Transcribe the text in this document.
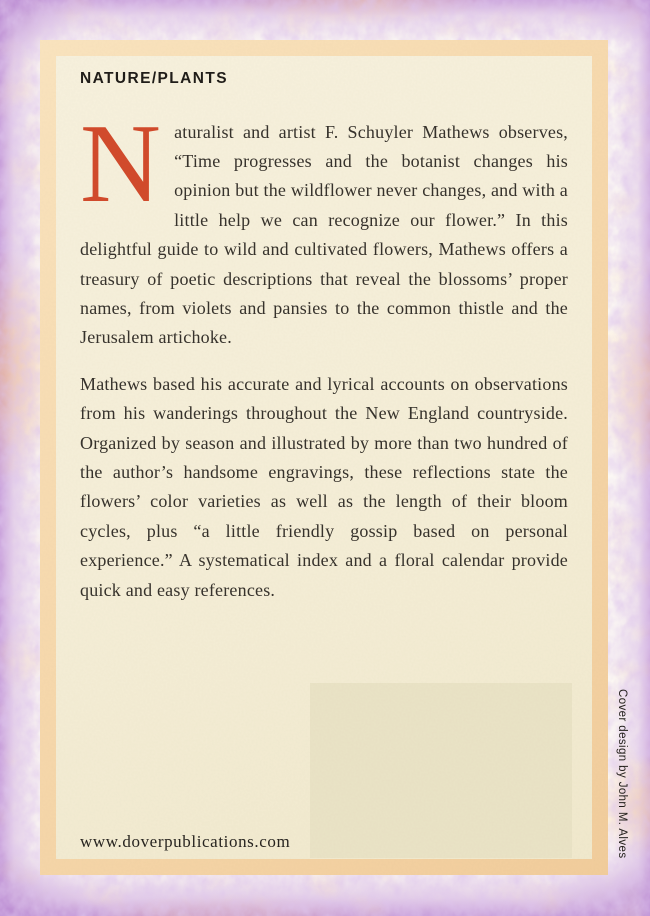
NATURE/PLANTS

Naturalist and artist F. Schuyler Mathews observes, “Time progresses and the botanist changes his opinion but the wildflower never changes, and with a little help we can recognize our flower.” In this delightful guide to wild and cultivated flowers, Mathews offers a treasury of poetic descriptions that reveal the blossoms’ proper names, from violets and pansies to the common thistle and the Jerusalem artichoke.

Mathews based his accurate and lyrical accounts on observations from his wanderings throughout the New England countryside. Organized by season and illustrated by more than two hundred of the author’s handsome engravings, these reflections state the flowers’ color varieties as well as the length of their bloom cycles, plus “a little friendly gossip based on personal experience.” A systematical index and a floral calendar provide quick and easy references.

www.doverpublications.com	Cover design by John M. Alves
